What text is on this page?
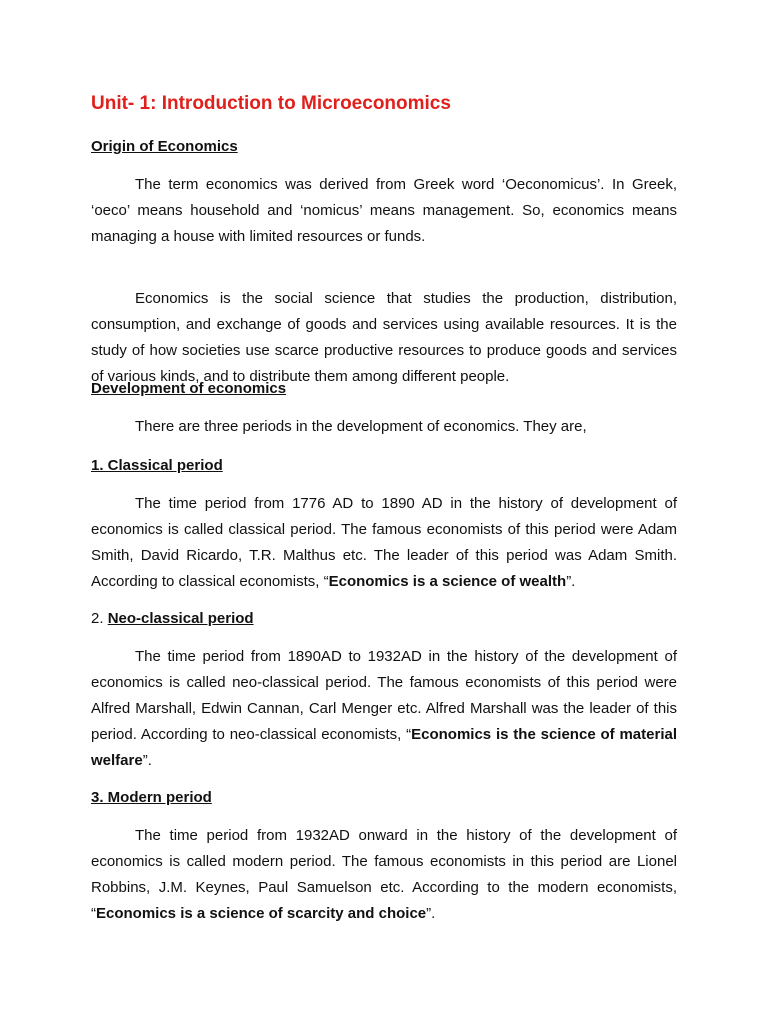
Unit- 1: Introduction to Microeconomics
Origin of Economics

The term economics was derived from Greek word ‘Oeconomicus’. In Greek, ‘oeco’ means household and ‘nomicus’ means management. So, economics means managing a house with limited resources or funds.

Economics is the social science that studies the production, distribution, consumption, and exchange of goods and services using available resources. It is the study of how societies use scarce productive resources to produce goods and services of various kinds, and to distribute them among different people.

Development of economics

There are three periods in the development of economics. They are,

1. Classical period

The time period from 1776 AD to 1890 AD in the history of development of economics is called classical period. The famous economists of this period were Adam Smith, David Ricardo, T.R. Malthus etc. The leader of this period was Adam Smith. According to classical economists, “Economics is a science of wealth”.

2. Neo-classical period

The time period from 1890AD to 1932AD in the history of the development of economics is called neo-classical period. The famous economists of this period were Alfred Marshall, Edwin Cannan, Carl Menger etc. Alfred Marshall was the leader of this period. According to neo-classical economists, “Economics is the science of material welfare”.

3. Modern period

The time period from 1932AD onward in the history of the development of economics is called modern period. The famous economists in this period are Lionel Robbins, J.M. Keynes, Paul Samuelson etc. According to the modern economists, “Economics is a science of scarcity and choice”.
